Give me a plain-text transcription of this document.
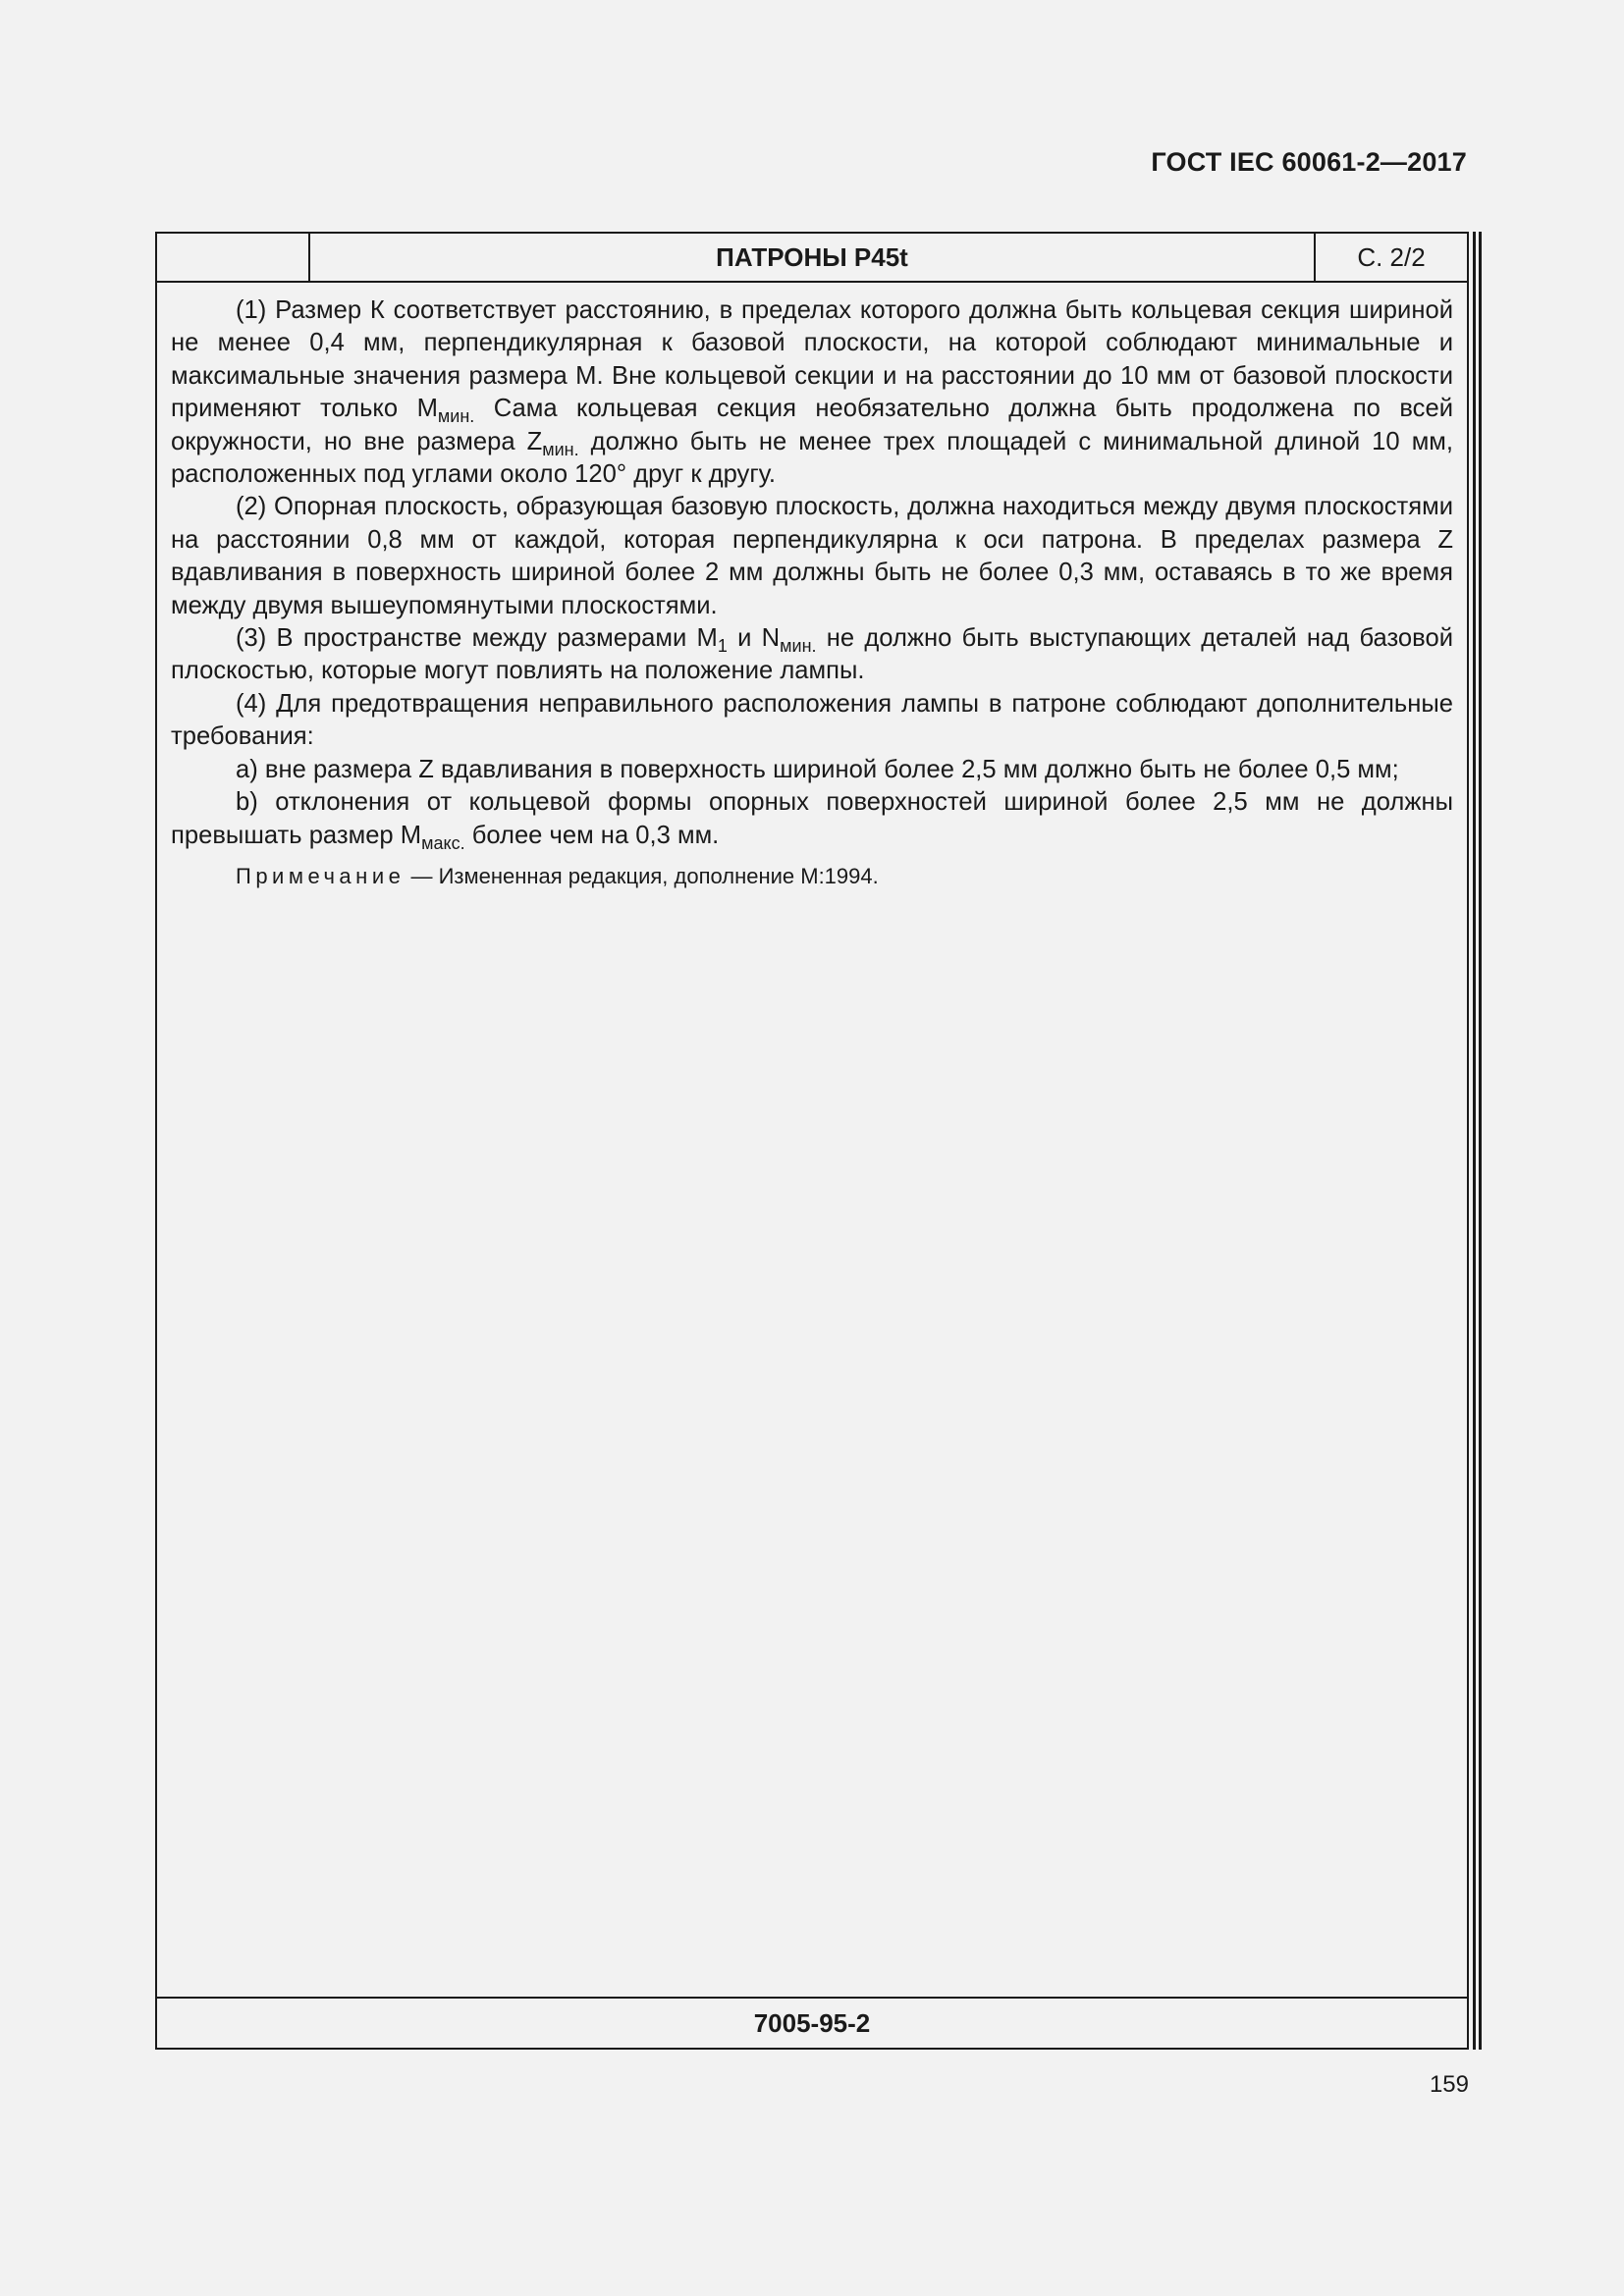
ГОСТ IEC 60061-2—2017
ПАТРОНЫ Р45t	С. 2/2

(1) Размер К соответствует расстоянию, в пределах которого должна быть кольцевая секция шириной не менее 0,4 мм, перпендикулярная к базовой плоскости, на которой соблюдают минимальные и максимальные значения размера М. Вне кольцевой секции и на расстоянии до 10 мм от базовой плоскости применяют только $М_{мин.}$ Сама кольцевая секция необязательно должна быть продолжена по всей окружности, но вне размера $Z_{мин.}$ должно быть не менее трех площадей с минимальной длиной 10 мм, расположенных под углами около 120° друг к другу.

(2) Опорная плоскость, образующая базовую плоскость, должна находиться между двумя плоскостями на расстоянии 0,8 мм от каждой, которая перпендикулярна к оси патрона. В пределах размера Z вдавливания в поверхность шириной более 2 мм должны быть не более 0,3 мм, оставаясь в то же время между двумя вышеупомянутыми плоскостями.

(3) В пространстве между размерами $М_1$ и $N_{мин.}$ не должно быть выступающих деталей над базовой плоскостью, которые могут повлиять на положение лампы.

(4) Для предотвращения неправильного расположения лампы в патроне соблюдают дополнительные требования:

a) вне размера Z вдавливания в поверхность шириной более 2,5 мм должно быть не более 0,5 мм;

b) отклонения от кольцевой формы опорных поверхностей шириной более 2,5 мм не должны превышать размер $М_{макс.}$ более чем на 0,3 мм.

Примечание — Измененная редакция, дополнение М:1994.

7005-95-2
159
